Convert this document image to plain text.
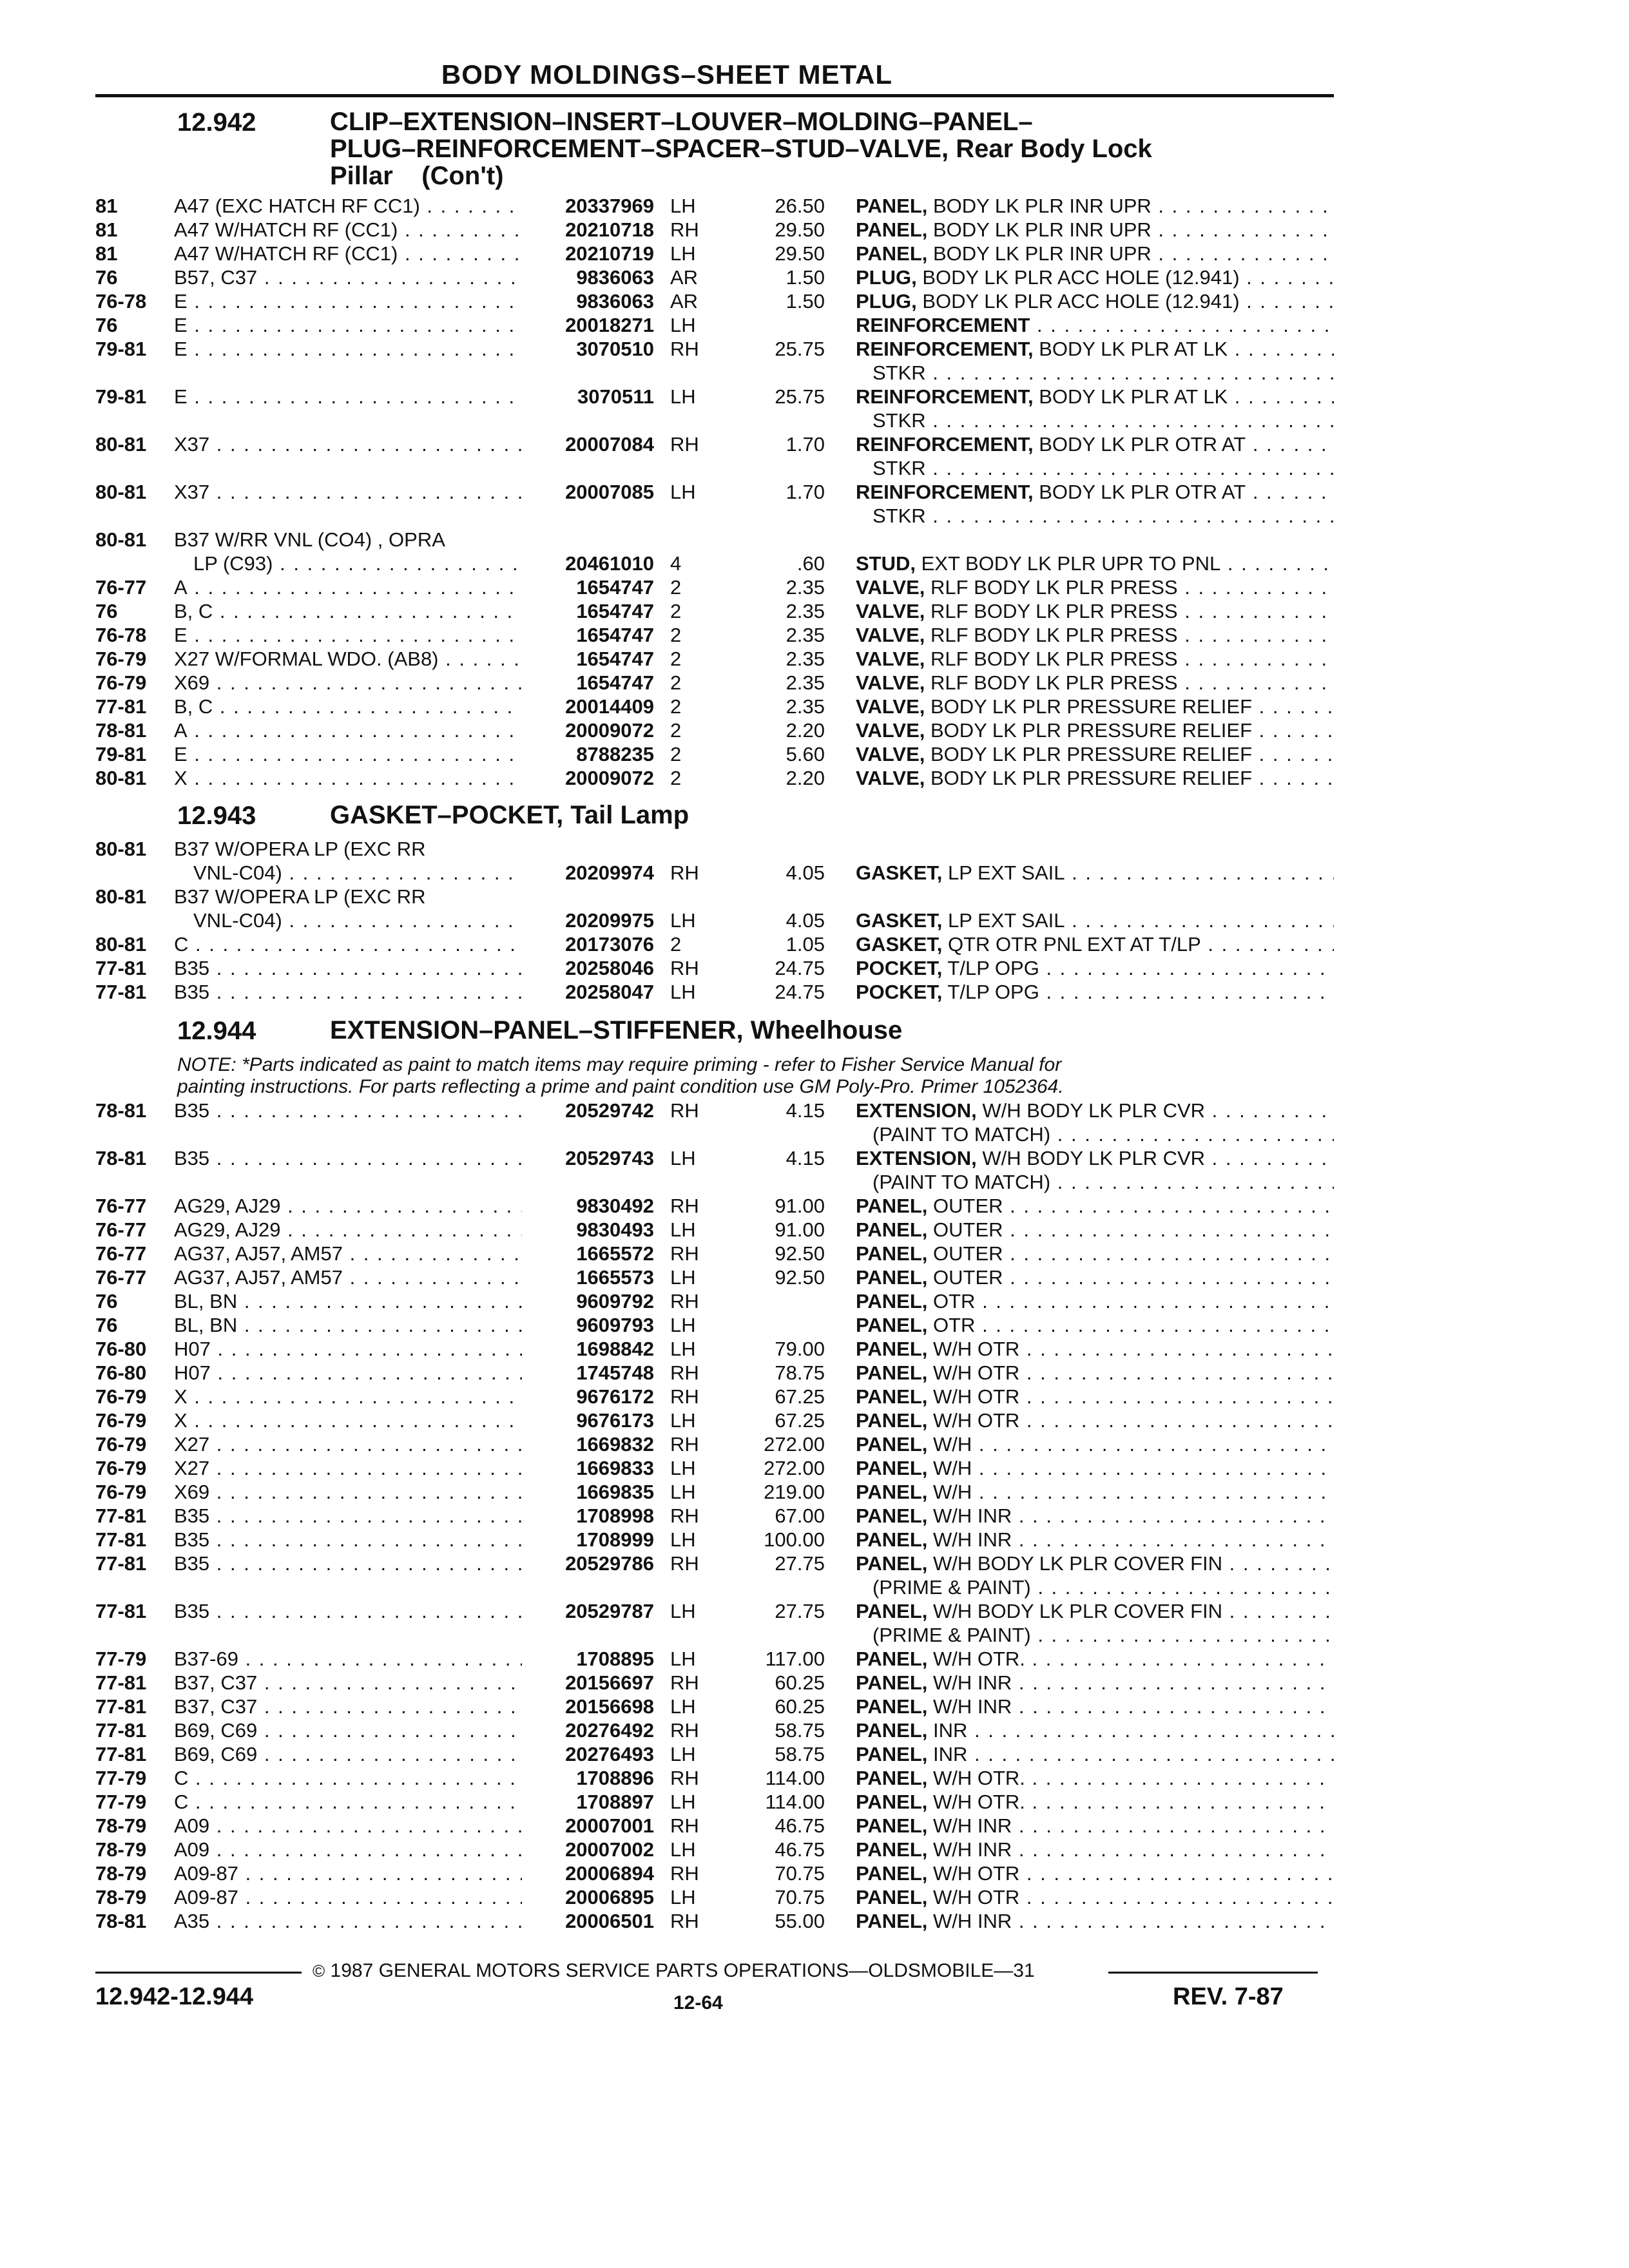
BODY MOLDINGS–SHEET METAL
12.942	CLIP–EXTENSION–INSERT–LOUVER–MOLDING–PANEL–
PLUG–REINFORCEMENT–SPACER–STUD–VALVE, Rear Body Lock
Pillar    (Con't)
81	A47 (EXC HATCH RF CC1) . . .	20337969 LH	26.50 PANEL, BODY LK PLR INR UPR . . .
81	A47 W/HATCH RF (CC1) . . .	20210718 RH	29.50 PANEL, BODY LK PLR INR UPR . . .
81	A47 W/HATCH RF (CC1) . . .	20210719 LH	29.50 PANEL, BODY LK PLR INR UPR . . .
76	B57, C37 . . .	9836063 AR	1.50 PLUG, BODY LK PLR ACC HOLE (12.941) . . .
76-78 E . . .	9836063 AR	1.50 PLUG, BODY LK PLR ACC HOLE (12.941) . . .
76	E . . .	20018271 LH	REINFORCEMENT . . .
79-81 E . . .	3070510 RH	25.75 REINFORCEMENT, BODY LK PLR AT LK . . .
STKR . . .
79-81 E . . .	3070511 LH	25.75 REINFORCEMENT, BODY LK PLR AT LK . . .
STKR . . .
80-81 X37 . . .	20007084 RH	1.70 REINFORCEMENT, BODY LK PLR OTR AT . . .
STKR . . .
80-81 X37 . . .	20007085 LH	1.70 REINFORCEMENT, BODY LK PLR OTR AT . . .
STKR . . .
80-81 B37 W/RR VNL (CO4) , OPRA
LP (C93) . . .	20461010 4	.60 STUD, EXT BODY LK PLR UPR TO PNL . . .
76-77 A . . .	1654747 2	2.35 VALVE, RLF BODY LK PLR PRESS . . .
76	B, C . . .	1654747 2	2.35 VALVE, RLF BODY LK PLR PRESS . . .
76-78 E . . .	1654747 2	2.35 VALVE, RLF BODY LK PLR PRESS . . .
76-79 X27 W/FORMAL WDO. (AB8) . . .	1654747 2	2.35 VALVE, RLF BODY LK PLR PRESS . . .
76-79 X69 . . .	1654747 2	2.35 VALVE, RLF BODY LK PLR PRESS . . .
77-81 B, C . . .	20014409 2	2.35 VALVE, BODY LK PLR PRESSURE RELIEF . . .
78-81 A . . .	20009072 2	2.20 VALVE, BODY LK PLR PRESSURE RELIEF . . .
79-81 E . . .	8788235 2	5.60 VALVE, BODY LK PLR PRESSURE RELIEF . . .
80-81 X . . .	20009072 2	2.20 VALVE, BODY LK PLR PRESSURE RELIEF . . .
12.943	GASKET–POCKET, Tail Lamp
80-81 B37 W/OPERA LP (EXC RR
VNL-C04) . . .	20209974 RH	4.05 GASKET, LP EXT SAIL . . .
80-81 B37 W/OPERA LP (EXC RR
VNL-C04) . . .	20209975 LH	4.05 GASKET, LP EXT SAIL . . .
80-81 C . . .	20173076 2	1.05 GASKET, QTR OTR PNL EXT AT T/LP . . .
77-81 B35 . . .	20258046 RH	24.75 POCKET, T/LP OPG . . .
77-81 B35 . . .	20258047 LH	24.75 POCKET, T/LP OPG . . .
12.944	EXTENSION–PANEL–STIFFENER, Wheelhouse
NOTE: *Parts indicated as paint to match items may require priming - refer to Fisher Service Manual for
painting instructions. For parts reflecting a prime and paint condition use GM Poly-Pro. Primer 1052364.
78-81 B35 . . .	20529742 RH	4.15 EXTENSION, W/H BODY LK PLR CVR . . .
(PAINT TO MATCH) . . .
78-81 B35 . . .	20529743 LH	4.15 EXTENSION, W/H BODY LK PLR CVR . . .
(PAINT TO MATCH) . . .
76-77 AG29, AJ29 . . .	9830492 RH	91.00 PANEL, OUTER . . .
76-77 AG29, AJ29 . . .	9830493 LH	91.00 PANEL, OUTER . . .
76-77 AG37, AJ57, AM57 . . .	1665572 RH	92.50 PANEL, OUTER . . .
76-77 AG37, AJ57, AM57 . . .	1665573 LH	92.50 PANEL, OUTER . . .
76	BL, BN . . .	9609792 RH	PANEL, OTR . . .
76	BL, BN . . .	9609793 LH	PANEL, OTR . . .
76-80 H07 . . .	1698842 LH	79.00 PANEL, W/H OTR . . .
76-80 H07 . . .	1745748 RH	78.75 PANEL, W/H OTR . . .
76-79 X . . .	9676172 RH	67.25 PANEL, W/H OTR . . .
76-79 X . . .	9676173 LH	67.25 PANEL, W/H OTR . . .
76-79 X27 . . .	1669832 RH	272.00 PANEL, W/H . . .
76-79 X27 . . .	1669833 LH	272.00 PANEL, W/H . . .
76-79 X69 . . .	1669835 LH	219.00 PANEL, W/H . . .
77-81 B35 . . .	1708998 RH	67.00 PANEL, W/H INR . . .
77-81 B35 . . .	1708999 LH	100.00 PANEL, W/H INR . . .
77-81 B35 . . .	20529786 RH	27.75 PANEL, W/H BODY LK PLR COVER FIN . . .
(PRIME & PAINT) . . .
77-81 B35 . . .	20529787 LH	27.75 PANEL, W/H BODY LK PLR COVER FIN . . .
(PRIME & PAINT) . . .
77-79 B37-69 . . .	1708895 LH	117.00 PANEL, W/H OTR. . . .
77-81 B37, C37 . . .	20156697 RH	60.25 PANEL, W/H INR . . .
77-81 B37, C37 . . .	20156698 LH	60.25 PANEL, W/H INR . . .
77-81 B69, C69 . . .	20276492 RH	58.75 PANEL, INR . . .
77-81 B69, C69 . . .	20276493 LH	58.75 PANEL, INR . . .
77-79 C . . .	1708896 RH	114.00 PANEL, W/H OTR. . . .
77-79 C . . .	1708897 LH	114.00 PANEL, W/H OTR. . . .
78-79 A09 . . .	20007001 RH	46.75 PANEL, W/H INR . . .
78-79 A09 . . .	20007002 LH	46.75 PANEL, W/H INR . . .
78-79 A09-87 . . .	20006894 RH	70.75 PANEL, W/H OTR . . .
78-79 A09-87 . . .	20006895 LH	70.75 PANEL, W/H OTR . . .
78-81 A35 . . .	20006501 RH	55.00 PANEL, W/H INR . . .
© 1987 GENERAL MOTORS SERVICE PARTS OPERATIONS—OLDSMOBILE—31
12.942-12.944	12-64	REV. 7-87
